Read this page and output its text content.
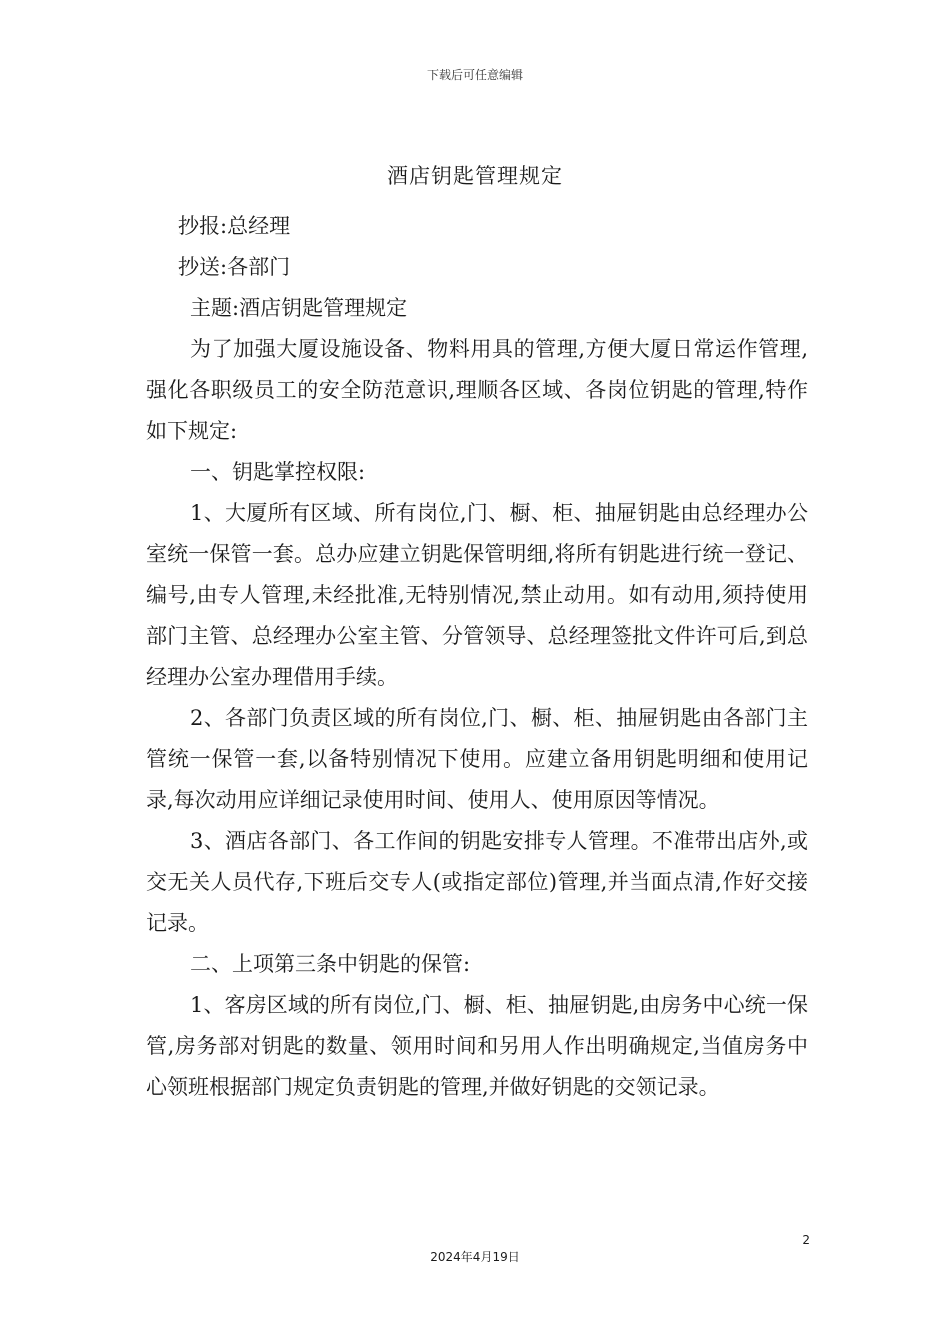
下载后可任意编辑
酒店钥匙管理规定

抄报:总经理

抄送:各部门

主题:酒店钥匙管理规定

为了加强大厦设施设备、物料用具的管理,方便大厦日常运作管理,强化各职级员工的安全防范意识,理顺各区域、各岗位钥匙的管理,特作如下规定:

一、钥匙掌控权限:

1、大厦所有区域、所有岗位,门、橱、柜、抽屉钥匙由总经理办公室统一保管一套。总办应建立钥匙保管明细,将所有钥匙进行统一登记、编号,由专人管理,未经批准,无特别情况,禁止动用。如有动用,须持使用部门主管、总经理办公室主管、分管领导、总经理签批文件许可后,到总经理办公室办理借用手续。

2、各部门负责区域的所有岗位,门、橱、柜、抽屉钥匙由各部门主管统一保管一套,以备特别情况下使用。应建立备用钥匙明细和使用记录,每次动用应详细记录使用时间、使用人、使用原因等情况。

3、酒店各部门、各工作间的钥匙安排专人管理。不准带出店外,或交无关人员代存,下班后交专人(或指定部位)管理,并当面点清,作好交接记录。

二、上项第三条中钥匙的保管:

1、客房区域的所有岗位,门、橱、柜、抽屉钥匙,由房务中心统一保管,房务部对钥匙的数量、领用时间和另用人作出明确规定,当值房务中心领班根据部门规定负责钥匙的管理,并做好钥匙的交领记录。

2
2024年4月19日
